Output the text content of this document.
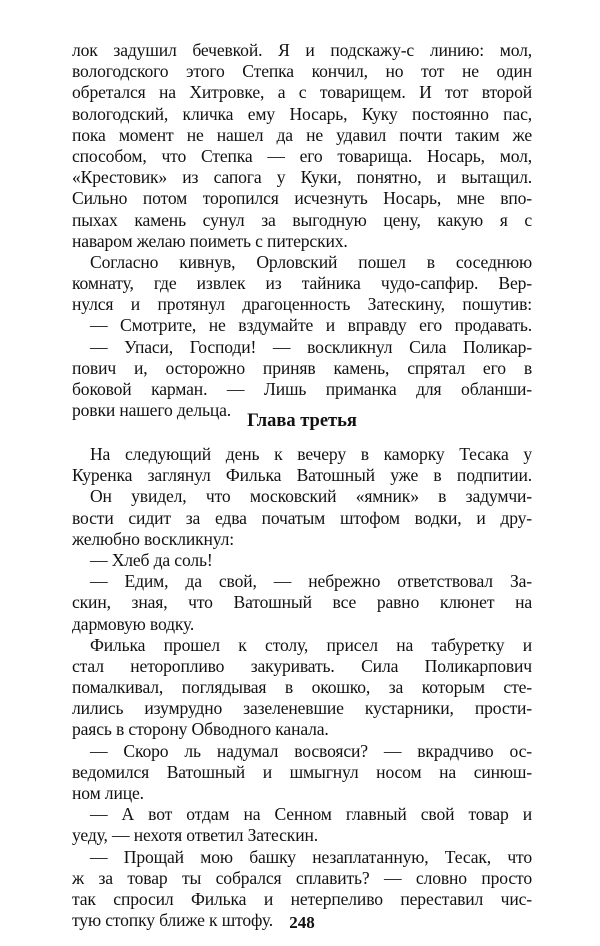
лок задушил бечевкой. Я и подскажу-с линию: мол,
вологодского этого Степка кончил, но тот не один
обретался на Хитровке, а с товарищем. И тот второй
вологодский, кличка ему Носарь, Куку постоянно пас,
пока момент не нашел да не удавил почти таким же
способом, что Степка — его товарища. Носарь, мол,
«Крестовик» из сапога у Куки, понятно, и вытащил.
Сильно потом торопился исчезнуть Носарь, мне впо-
пыхах камень сунул за выгодную цену, какую я с
наваром желаю поиметь с питерских.
Согласно кивнув, Орловский пошел в соседнюю
комнату, где извлек из тайника чудо-сапфир. Вер-
нулся и протянул драгоценность Затескину, пошутив:
— Смотрите, не вздумайте и вправду его продавать.
— Упаси, Господи! — воскликнул Сила Поликар-
пович и, осторожно приняв камень, спрятал его в
боковой карман. — Лишь приманка для обланши-
ровки нашего дельца.
Глава третья
На следующий день к вечеру в каморку Тесака у
Куренка заглянул Филька Ватошный уже в подпитии.
Он увидел, что московский «ямник» в задумчи-
вости сидит за едва початым штофом водки, и дру-
желюбно воскликнул:
— Хлеб да соль!
— Едим, да свой, — небрежно ответствовал За-
скин, зная, что Ватошный все равно клюнет на
дармовую водку.
Филька прошел к столу, присел на табуретку и
стал неторопливо закуривать. Сила Поликарпович
помалкивал, поглядывая в окошко, за которым сте-
лились изумрудно зазеленевшие кустарники, прости-
раясь в сторону Обводного канала.
— Скоро ль надумал восвояси? — вкрадчиво ос-
ведомился Ватошный и шмыгнул носом на синюш-
ном лице.
— А вот отдам на Сенном главный свой товар и
уеду, — нехотя ответил Затескин.
— Прощай мою башку незаплатанную, Тесак, что
ж за товар ты собрался сплавить? — словно просто
так спросил Филька и нетерпеливо переставил чис-
тую стопку ближе к штофу. 248
